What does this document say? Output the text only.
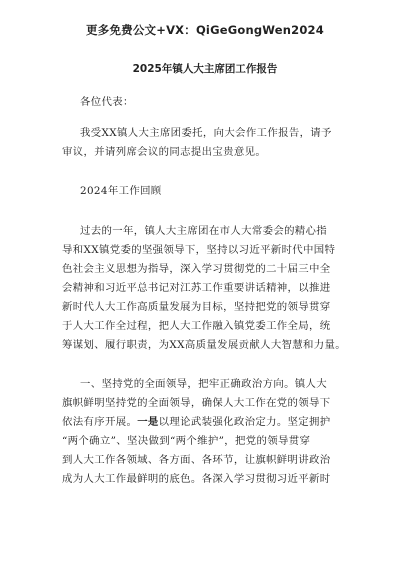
更多免费公文+VX：QiGeGongWen2024
2025年镇人大主席团工作报告
各位代表：
我受XX镇人大主席团委托，向大会作工作报告，请予
审议，并请列席会议的同志提出宝贵意见。
2024年工作回顾
过去的一年，镇人大主席团在市人大常委会的精心指
导和XX镇党委的坚强领导下，坚持以习近平新时代中国特
色社会主义思想为指导，深入学习贯彻党的二十届三中全
会精神和习近平总书记对江苏工作重要讲话精神，以推进
新时代人大工作高质量发展为目标，坚持把党的领导贯穿
于人大工作全过程，把人大工作融入镇党委工作全局，统
筹谋划、履行职责，为XX高质量发展贡献人大智慧和力量。
一、坚持党的全面领导，把牢正确政治方向。镇人大
旗帜鲜明坚持党的全面领导，确保人大工作在党的领导下
依法有序开展。一是以理论武装强化政治定力。坚定拥护
“两个确立”、坚决做到“两个维护”，把党的领导贯穿
到人大工作各领域、各方面、各环节，让旗帜鲜明讲政治
成为人大工作最鲜明的底色。各深入学习贯彻习近平新时
